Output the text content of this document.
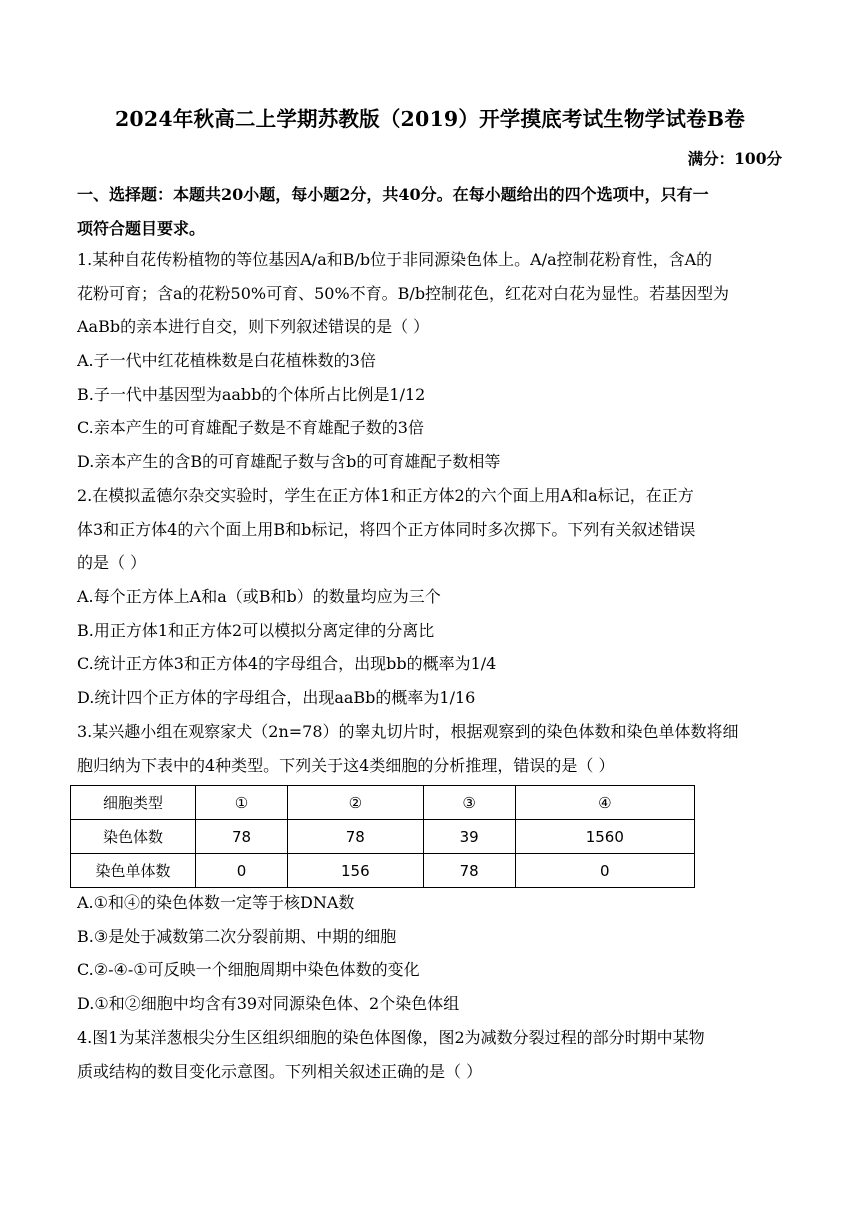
2024年秋高二上学期苏教版（2019）开学摸底考试生物学试卷B卷
满分：100分
一、选择题：本题共20小题，每小题2分，共40分。在每小题给出的四个选项中，只有一
项符合题目要求。
1.某种自花传粉植物的等位基因A/a和B/b位于非同源染色体上。A/a控制花粉育性，含A的
花粉可育；含a的花粉50%可育、50%不育。B/b控制花色，红花对白花为显性。若基因型为
AaBb的亲本进行自交，则下列叙述错误的是（ ）
A.子一代中红花植株数是白花植株数的3倍
B.子一代中基因型为aabb的个体所占比例是1/12
C.亲本产生的可育雄配子数是不育雄配子数的3倍
D.亲本产生的含B的可育雄配子数与含b的可育雄配子数相等
2.在模拟孟德尔杂交实验时，学生在正方体1和正方体2的六个面上用A和a标记，在正方
体3和正方体4的六个面上用B和b标记，将四个正方体同时多次掷下。下列有关叙述错误
的是（ ）
A.每个正方体上A和a（或B和b）的数量均应为三个
B.用正方体1和正方体2可以模拟分离定律的分离比
C.统计正方体3和正方体4的字母组合，出现bb的概率为1/4
D.统计四个正方体的字母组合，出现aaBb的概率为1/16
3.某兴趣小组在观察家犬（2n=78）的睾丸切片时，根据观察到的染色体数和染色单体数将细
胞归纳为下表中的4种类型。下列关于这4类细胞的分析推理，错误的是（ ）
细胞类型	①	②	③	④
染色体数	78	78	39	1560
染色单体数	0	156	78	0
A.①和④的染色体数一定等于核DNA数
B.③是处于减数第二次分裂前期、中期的细胞
C.②-④-①可反映一个细胞周期中染色体数的变化
D.①和②细胞中均含有39对同源染色体、2个染色体组
4.图1为某洋葱根尖分生区组织细胞的染色体图像，图2为减数分裂过程的部分时期中某物
质或结构的数目变化示意图。下列相关叙述正确的是（ ）
